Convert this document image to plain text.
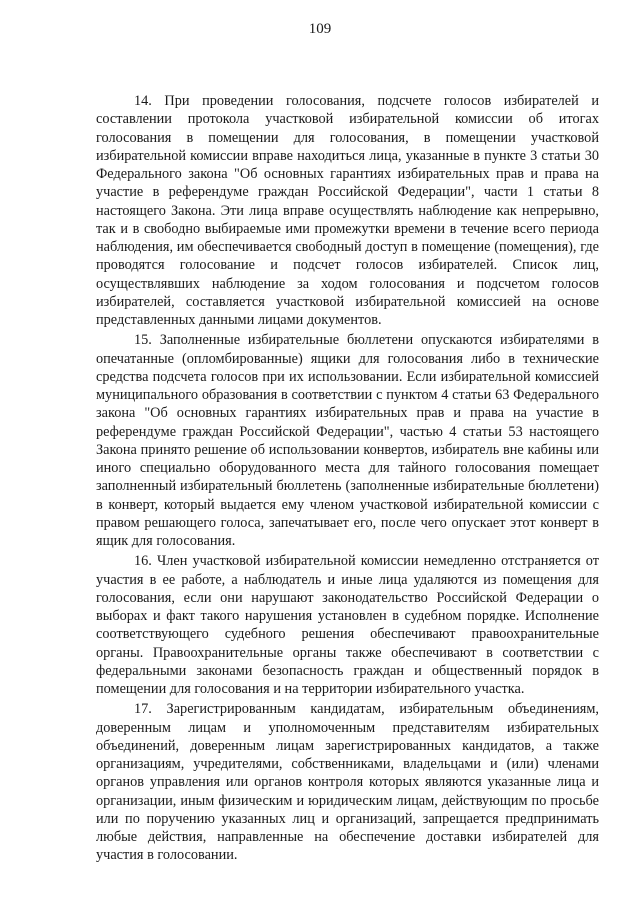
109

14. При проведении голосования, подсчете голосов избирателей и составлении протокола участковой избирательной комиссии об итогах голосования в помещении для голосования, в помещении участковой избирательной комиссии вправе находиться лица, указанные в пункте 3 статьи 30 Федерального закона "Об основных гарантиях избирательных прав и права на участие в референдуме граждан Российской Федерации", части 1 статьи 8 настоящего Закона. Эти лица вправе осуществлять наблюдение как непрерывно, так и в свободно выбираемые ими промежутки времени в течение всего периода наблюдения, им обеспечивается свободный доступ в помещение (помещения), где проводятся голосование и подсчет голосов избирателей. Список лиц, осуществлявших наблюдение за ходом голосования и подсчетом голосов избирателей, составляется участковой избирательной комиссией на основе представленных данными лицами документов.

15. Заполненные избирательные бюллетени опускаются избирателями в опечатанные (опломбированные) ящики для голосования либо в технические средства подсчета голосов при их использовании. Если избирательной комиссией муниципального образования в соответствии с пунктом 4 статьи 63 Федерального закона "Об основных гарантиях избирательных прав и права на участие в референдуме граждан Российской Федерации", частью 4 статьи 53 настоящего Закона принято решение об использовании конвертов, избиратель вне кабины или иного специально оборудованного места для тайного голосования помещает заполненный избирательный бюллетень (заполненные избирательные бюллетени) в конверт, который выдается ему членом участковой избирательной комиссии с правом решающего голоса, запечатывает его, после чего опускает этот конверт в ящик для голосования.

16. Член участковой избирательной комиссии немедленно отстраняется от участия в ее работе, а наблюдатель и иные лица удаляются из помещения для голосования, если они нарушают законодательство Российской Федерации о выборах и факт такого нарушения установлен в судебном порядке. Исполнение соответствующего судебного решения обеспечивают правоохранительные органы. Правоохранительные органы также обеспечивают в соответствии с федеральными законами безопасность граждан и общественный порядок в помещении для голосования и на территории избирательного участка.

17. Зарегистрированным кандидатам, избирательным объединениям, доверенным лицам и уполномоченным представителям избирательных объединений, доверенным лицам зарегистрированных кандидатов, а также организациям, учредителями, собственниками, владельцами и (или) членами органов управления или органов контроля которых являются указанные лица и организации, иным физическим и юридическим лицам, действующим по просьбе или по поручению указанных лиц и организаций, запрещается предпринимать любые действия, направленные на обеспечение доставки избирателей для участия в голосовании.
